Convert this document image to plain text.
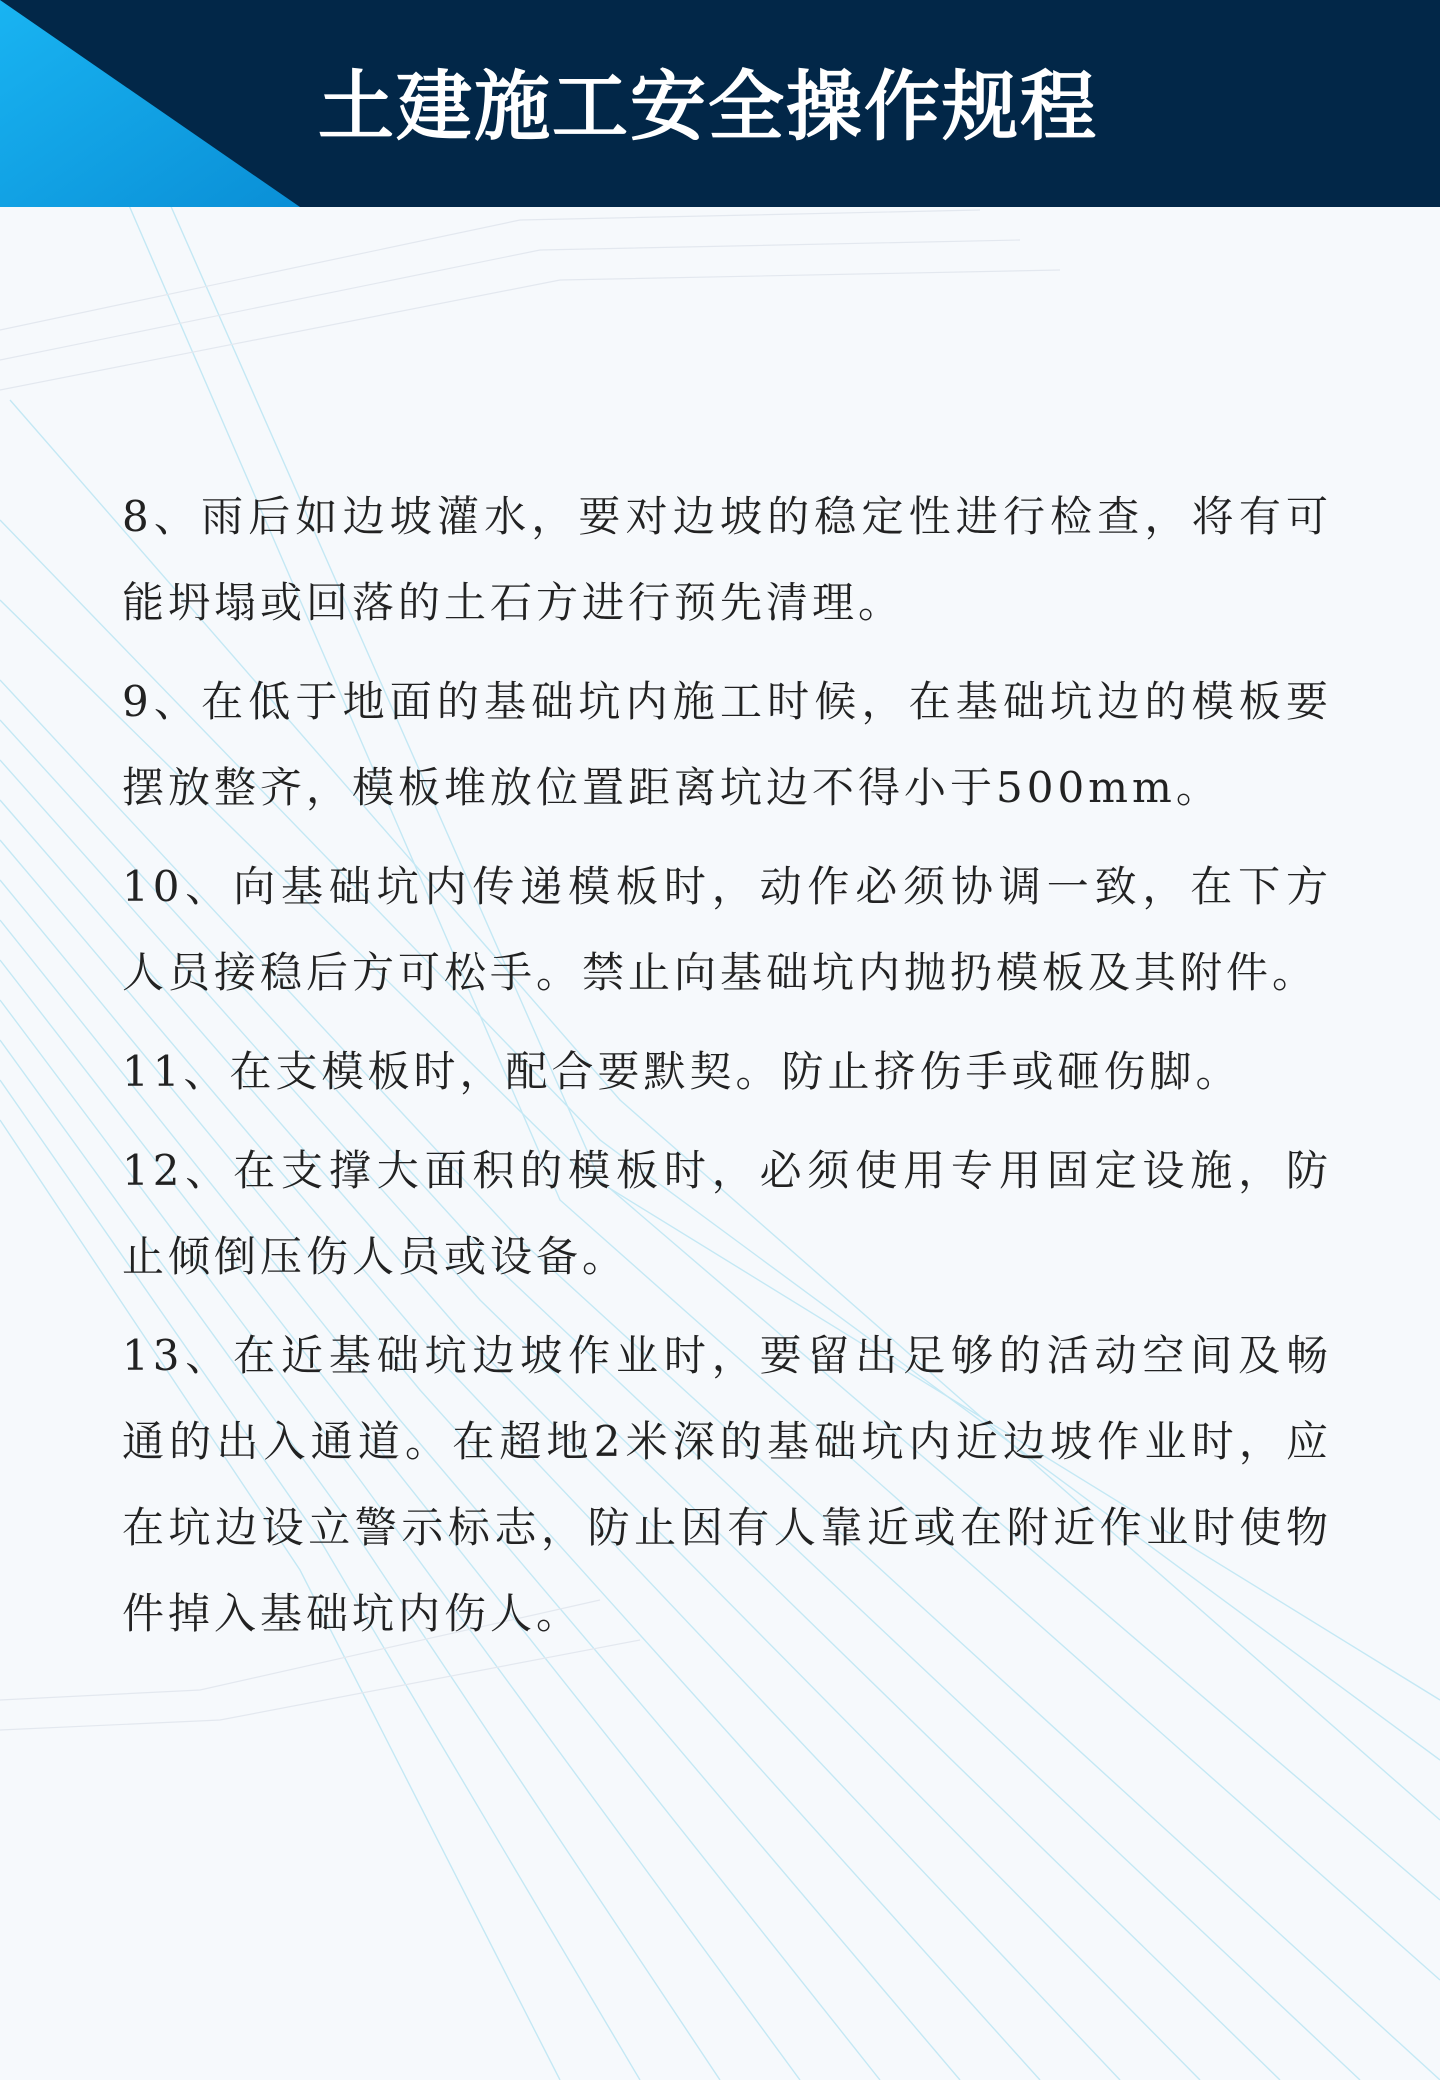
土建施工安全操作规程

8、雨后如边坡灌水，要对边坡的稳定性进行检查，将有可能坍塌或回落的土石方进行预先清理。

9、在低于地面的基础坑内施工时候，在基础坑边的模板要摆放整齐，模板堆放位置距离坑边不得小于500mm。

10、向基础坑内传递模板时，动作必须协调一致，在下方人员接稳后方可松手。禁止向基础坑内抛扔模板及其附件。

11、在支模板时，配合要默契。防止挤伤手或砸伤脚。

12、在支撑大面积的模板时，必须使用专用固定设施，防止倾倒压伤人员或设备。

13、在近基础坑边坡作业时，要留出足够的活动空间及畅通的出入通道。在超地2米深的基础坑内近边坡作业时，应在坑边设立警示标志，防止因有人靠近或在附近作业时使物件掉入基础坑内伤人。
